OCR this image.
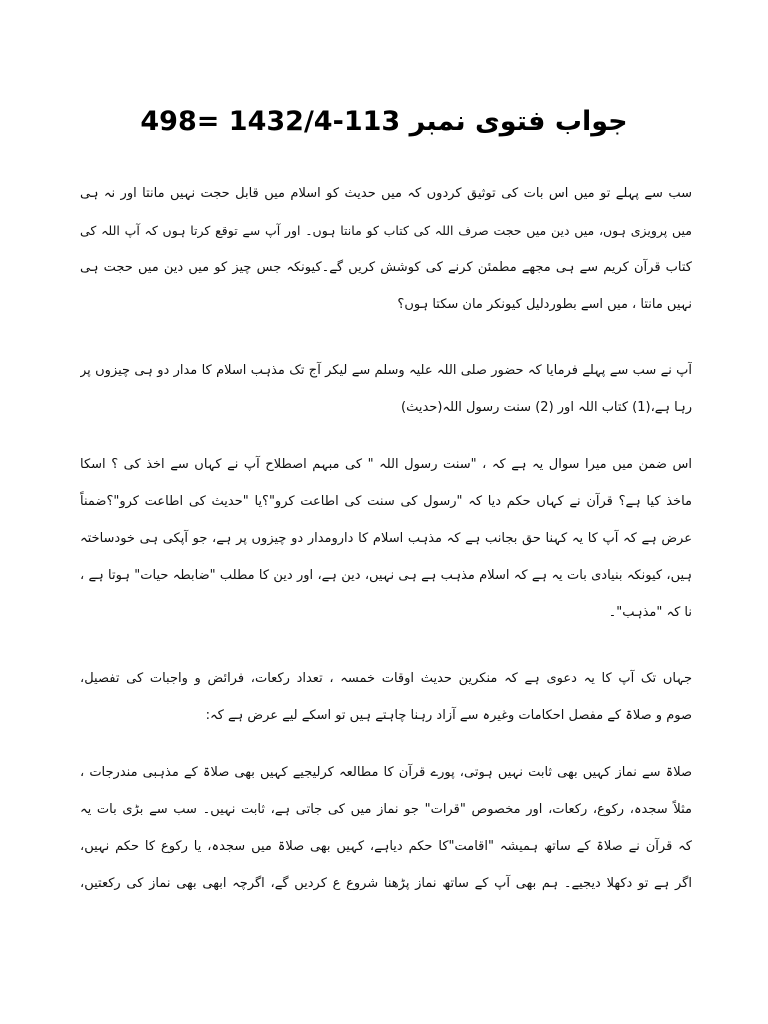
جواب فتوی نمبر 113-1432/4 =498
سب سے پہلے تو میں اس بات کی توثیق کردوں کہ میں حدیث کو اسلام میں قابل حجت نہیں مانتا اور نہ ہی
میں پرویزی ہوں، میں دین میں حجت صرف اللہ کی کتاب کو مانتا ہوں۔ اور آپ سے توقع کرتا ہوں کہ آپ اللہ کی
کتاب قرآن کریم سے ہی مجھے مطمئن کرنے کی کوشش کریں گے۔کیونکہ جس چیز کو میں دین میں حجت ہی
نہیں مانتا ، میں اسے بطوردلیل کیونکر مان سکتا ہوں؟
آپ نے سب سے پہلے فرمایا کہ حضور صلی اللہ علیہ وسلم سے لیکر آج تک مذہب اسلام کا مدار دو ہی چیزوں پر
رہا ہے،(1) کتاب اللہ اور (2) سنت رسول اللہ(حدیث)
اس ضمن میں میرا سوال یہ ہے کہ ، "سنت رسول اللہ " کی مبہم اصطلاح آپ نے کہاں سے اخذ کی ؟ اسکا
ماخذ کیا ہے؟ قرآن نے کہاں حکم دیا کہ "رسول کی سنت کی اطاعت کرو"؟یا "حدیث کی اطاعت کرو"؟ضمناً
عرض ہے کہ آپ کا یہ کہنا حق بجانب ہے کہ مذہب اسلام کا دارومدار دو چیزوں پر ہے، جو آپکی ہی خودساختہ
ہیں، کیونکہ بنیادی بات یہ ہے کہ اسلام مذہب ہے ہی نہیں، دین ہے، اور دین کا مطلب "ضابطہ حیات" ہوتا ہے ،
نا کہ "مذہب"۔
جہاں تک آپ کا یہ دعوی ہے کہ منکرین حدیث اوقات خمسہ ، تعداد رکعات، فرائض و واجبات کی تفصیل،
صوم و صلاۃ کے مفصل احکامات وغیرہ سے آزاد رہنا چاہتے ہیں تو اسکے لیے عرض ہے کہ:
صلاۃ سے نماز کہیں بھی ثابت نہیں ہوتی، پورے قرآن کا مطالعہ کرلیجیے کہیں بھی صلاۃ کے مذہبی مندرجات ،
مثلاً سجدہ، رکوع، رکعات، اور مخصوص "قرات" جو نماز میں کی جاتی ہے، ثابت نہیں۔ سب سے بڑی بات یہ
کہ قرآن نے صلاۃ کے ساتھ ہمیشہ "اقامت"کا حکم دیاہے، کہیں بھی صلاۃ میں سجدہ، یا رکوع کا حکم نہیں،
اگر ہے تو دکھلا دیجیے۔ ہم بھی آپ کے ساتھ نماز پڑھنا شروع ع کردیں گے، اگرچہ ابھی بھی نماز کی رکعتیں،
